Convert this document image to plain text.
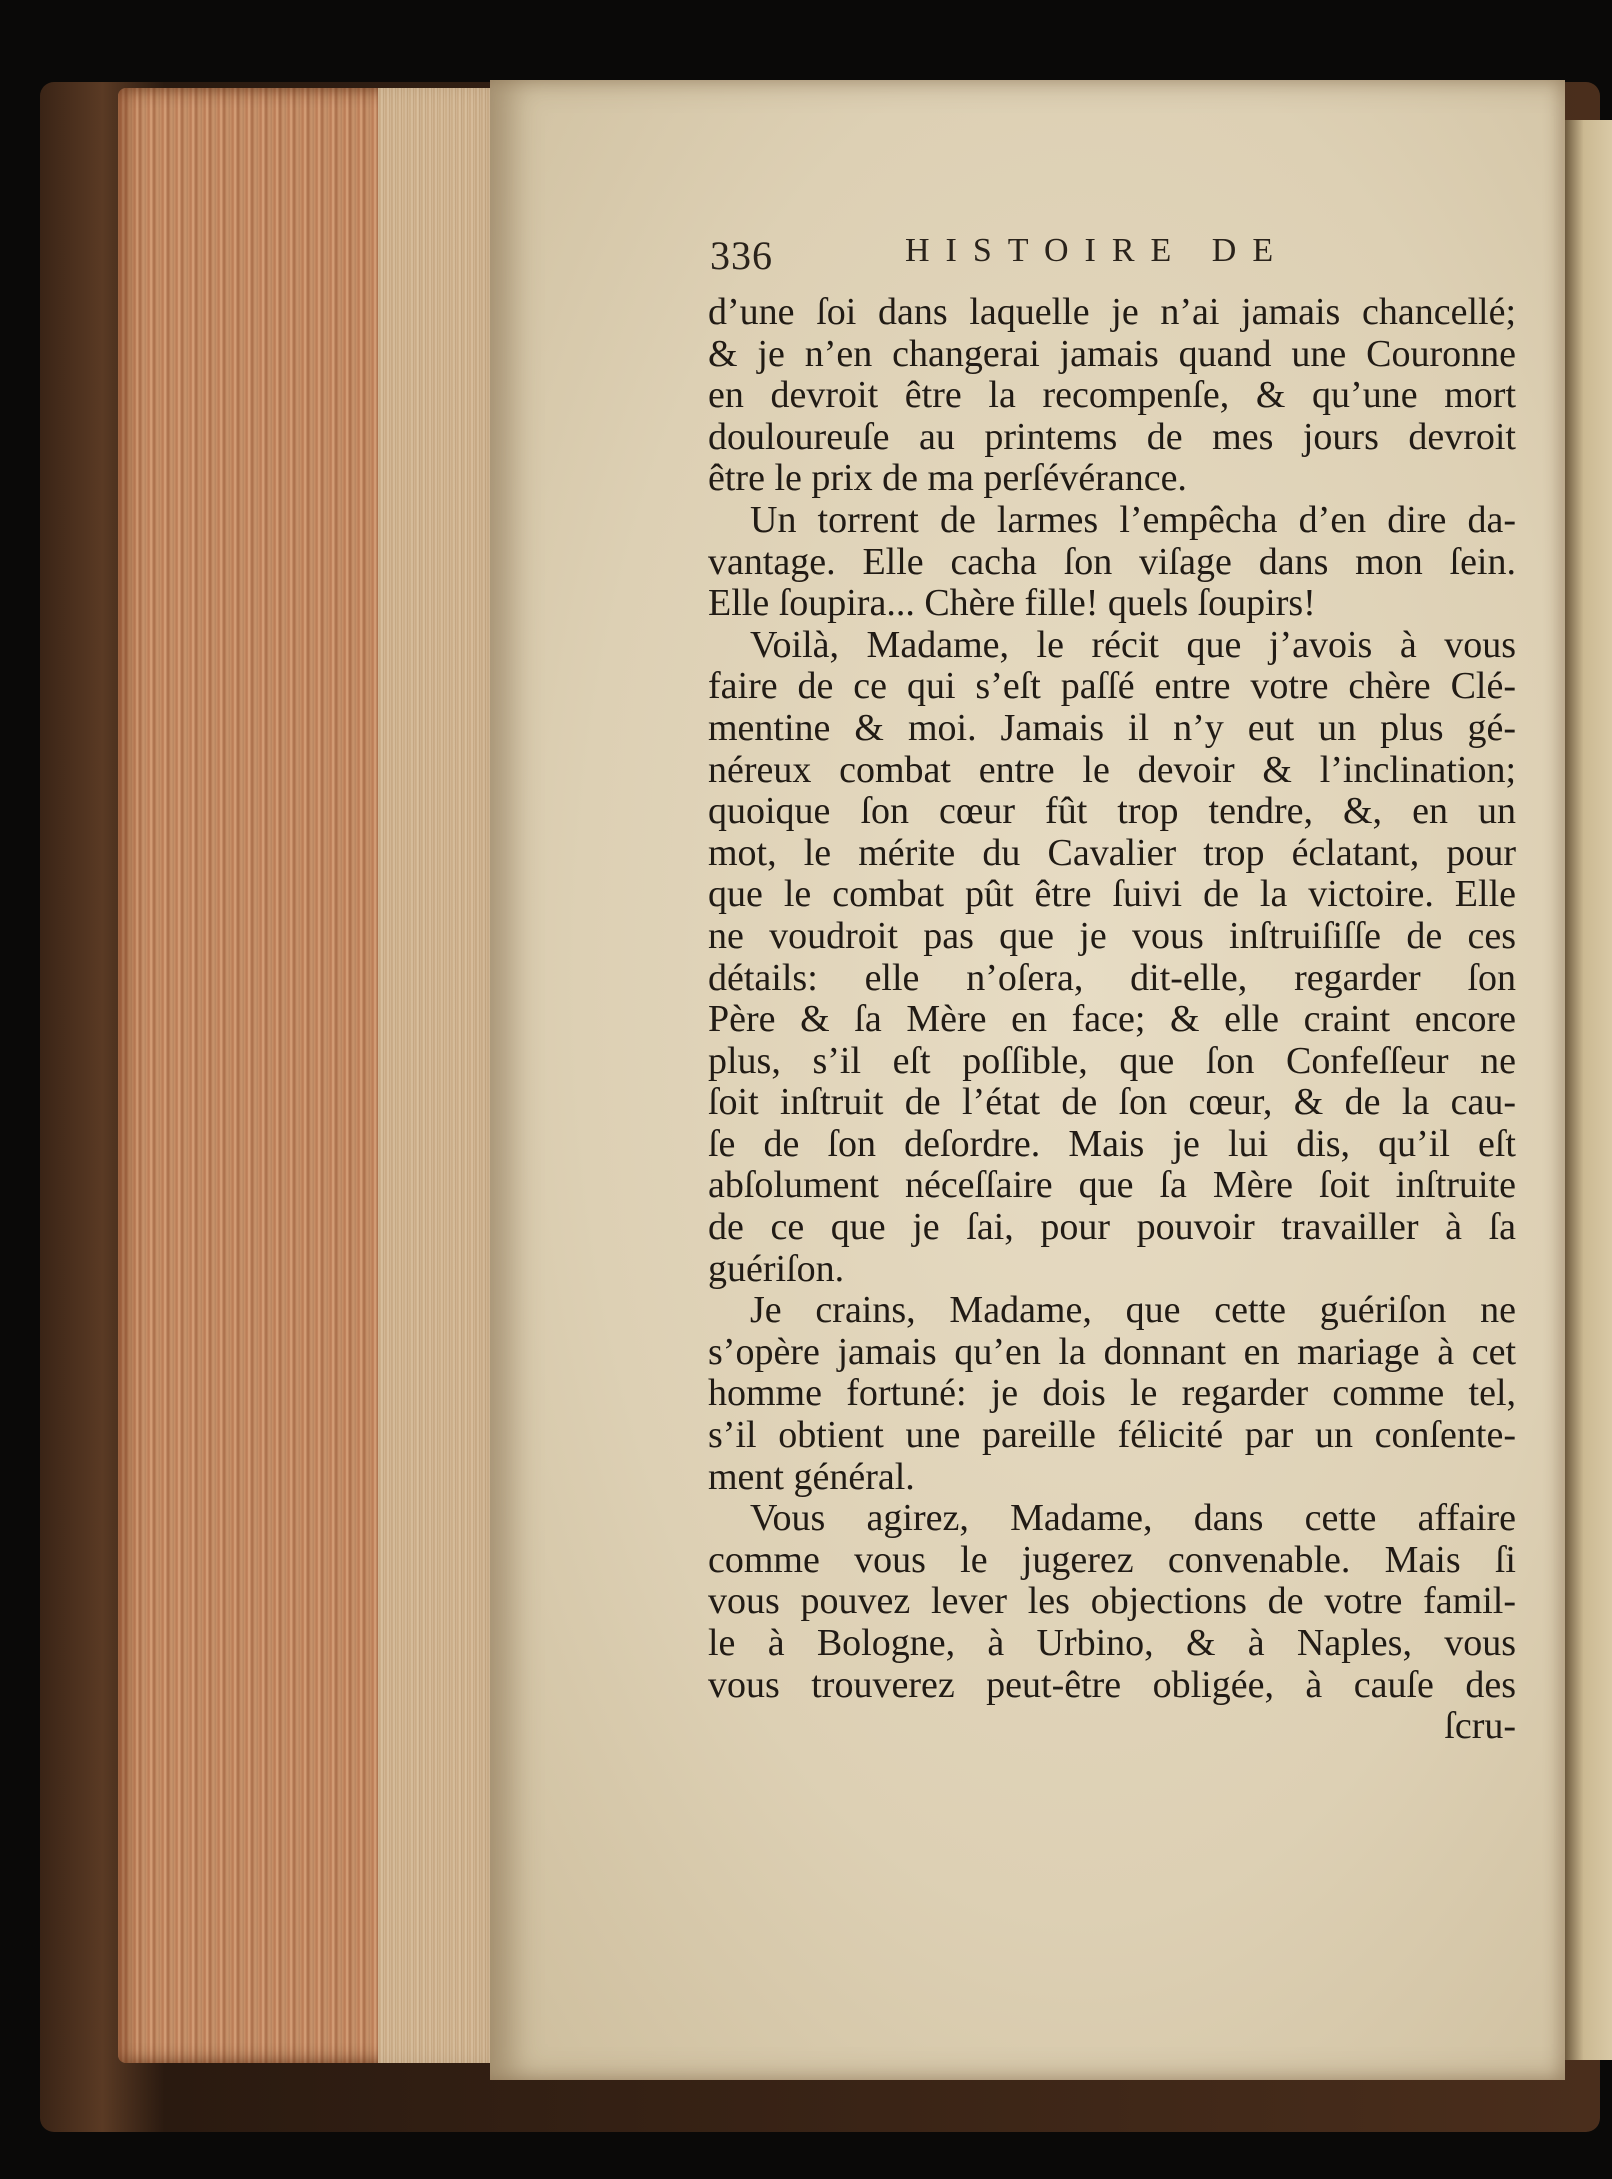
336	HISTOIRE DE
d’une ſoi dans laquelle je n’ai jamais chancellé;
& je n’en changerai jamais quand une Couronne
en devroit être la recompenſe, & qu’une mort
douloureuſe au printems de mes jours devroit
être le prix de ma perſévérance.
Un torrent de larmes l’empêcha d’en dire da-
vantage. Elle cacha ſon viſage dans mon ſein.
Elle ſoupira... Chère fille! quels ſoupirs!
Voilà, Madame, le récit que j’avois à vous
faire de ce qui s’eſt paſſé entre votre chère Clé-
mentine & moi. Jamais il n’y eut un plus gé-
néreux combat entre le devoir & l’inclination;
quoique ſon cœur fût trop tendre, &, en un
mot, le mérite du Cavalier trop éclatant, pour
que le combat pût être ſuivi de la victoire. Elle
ne voudroit pas que je vous inſtruiſiſſe de ces
détails: elle n’oſera, dit-elle, regarder ſon
Père & ſa Mère en face; & elle craint encore
plus, s’il eſt poſſible, que ſon Confeſſeur ne
ſoit inſtruit de l’état de ſon cœur, & de la cau-
ſe de ſon deſordre. Mais je lui dis, qu’il eſt
abſolument néceſſaire que ſa Mère ſoit inſtruite
de ce que je ſai, pour pouvoir travailler à ſa
guériſon.
Je crains, Madame, que cette guériſon ne
s’opère jamais qu’en la donnant en mariage à cet
homme fortuné: je dois le regarder comme tel,
s’il obtient une pareille félicité par un conſente-
ment général.
Vous agirez, Madame, dans cette affaire
comme vous le jugerez convenable. Mais ſi
vous pouvez lever les objections de votre famil-
le à Bologne, à Urbino, & à Naples, vous
vous trouverez peut-être obligée, à cauſe des
ſcru-
